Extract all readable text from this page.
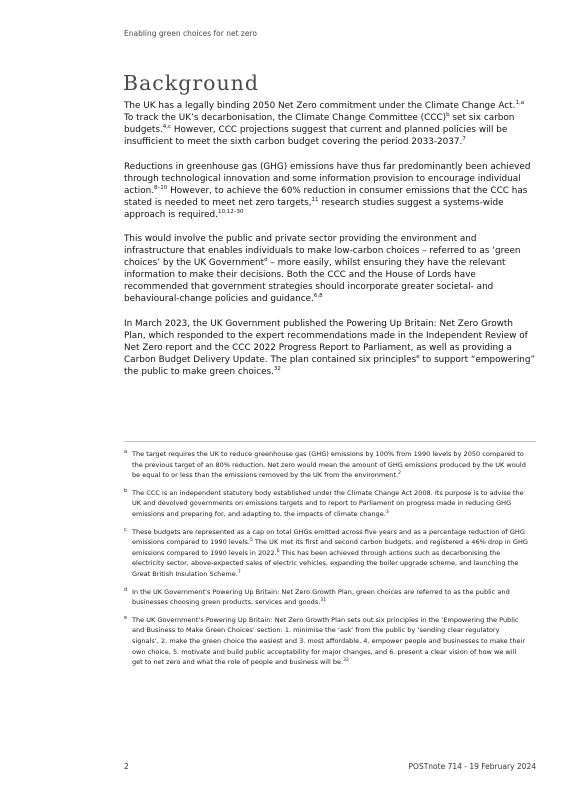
Enabling green choices for net zero
Background

The UK has a legally binding 2050 Net Zero commitment under the Climate Change Act.$^{1,a}$ To track the UK’s decarbonisation, the Climate Change Committee (CCC)$^b$ set six carbon budgets.$^{4,c}$ However, CCC projections suggest that current and planned policies will be insufficient to meet the sixth carbon budget covering the period 2033-2037.$^7$

Reductions in greenhouse gas (GHG) emissions have thus far predominantly been achieved through technological innovation and some information provision to encourage individual action.$^{8-10}$ However, to achieve the 60% reduction in consumer emissions that the CCC has stated is needed to meet net zero targets,$^{11}$ research studies suggest a systems-wide approach is required.$^{10,12-30}$

This would involve the public and private sector providing the environment and infrastructure that enables individuals to make low-carbon choices – referred to as ‘green choices’ by the UK Government$^d$ – more easily, whilst ensuring they have the relevant information to make their decisions. Both the CCC and the House of Lords have recommended that government strategies should incorporate greater societal- and behavioural-change policies and guidance.$^{6,8}$

In March 2023, the UK Government published the Powering Up Britain: Net Zero Growth Plan, which responded to the expert recommendations made in the Independent Review of Net Zero report and the CCC 2022 Progress Report to Parliament, as well as providing a Carbon Budget Delivery Update. The plan contained six principles$^e$ to support “empowering” the public to make green choices.$^{32}$

a The target requires the UK to reduce greenhouse gas (GHG) emissions by 100% from 1990 levels by 2050 compared to the previous target of an 80% reduction. Net zero would mean the amount of GHG emissions produced by the UK would be equal to or less than the emissions removed by the UK from the environment.$^2$
b The CCC is an independent statutory body established under the Climate Change Act 2008. Its purpose is to advise the UK and devolved governments on emissions targets and to report to Parliament on progress made in reducing GHG emissions and preparing for, and adapting to, the impacts of climate change.$^3$
c These budgets are represented as a cap on total GHGs emitted across five years and as a percentage reduction of GHG emissions compared to 1990 levels.$^5$ The UK met its first and second carbon budgets, and registered a 46% drop in GHG emissions compared to 1990 levels in 2022.$^6$ This has been achieved through actions such as decarbonising the electricity sector, above-expected sales of electric vehicles, expanding the boiler upgrade scheme, and launching the Great British Insulation Scheme.$^7$
d In the UK Government’s Powering Up Britain: Net Zero Growth Plan, green choices are referred to as the public and businesses choosing green products, services and goods.$^{31}$
e The UK Government’s Powering Up Britain: Net Zero Growth Plan sets out six principles in the ‘Empowering the Public and Business to Make Green Choices’ section: 1. minimise the ‘ask’ from the public by ‘sending clear regulatory signals’, 2. make the green choice the easiest and 3. most affordable, 4. empower people and businesses to make their own choice, 5. motivate and build public acceptability for major changes, and 6. present a clear vision of how we will get to net zero and what the role of people and business will be.$^{32}$
2	POSTnote 714 - 19 February 2024
